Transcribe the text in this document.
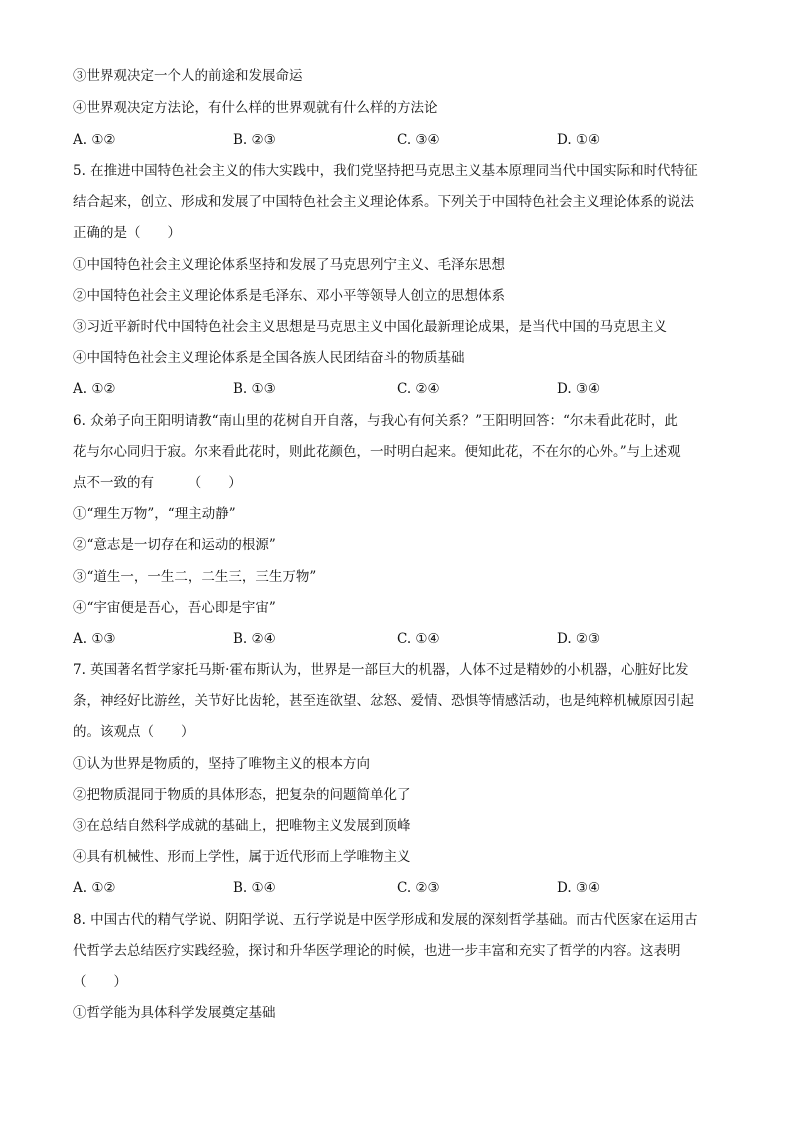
③世界观决定一个人的前途和发展命运
④世界观决定方法论，有什么样的世界观就有什么样的方法论
A. ①②	B. ②③	C. ③④	D. ①④
5. 在推进中国特色社会主义的伟大实践中，我们党坚持把马克思主义基本原理同当代中国实际和时代特征
结合起来，创立、形成和发展了中国特色社会主义理论体系。下列关于中国特色社会主义理论体系的说法
正确的是（　　）
①中国特色社会主义理论体系坚持和发展了马克思列宁主义、毛泽东思想
②中国特色社会主义理论体系是毛泽东、邓小平等领导人创立的思想体系
③习近平新时代中国特色社会主义思想是马克思主义中国化最新理论成果，是当代中国的马克思主义
④中国特色社会主义理论体系是全国各族人民团结奋斗的物质基础
A. ①②	B. ①③	C. ②④	D. ③④
6. 众弟子向王阳明请教“南山里的花树自开自落，与我心有何关系？”王阳明回答：“尔未看此花时，此
花与尔心同归于寂。尔来看此花时，则此花颜色，一时明白起来。便知此花，不在尔的心外。”与上述观
点不一致的有　　　（　　）
①“理生万物”，“理主动静”
②“意志是一切存在和运动的根源”
③“道生一，一生二，二生三，三生万物”
④“宇宙便是吾心，吾心即是宇宙”
A. ①③	B. ②④	C. ①④	D. ②③
7. 英国著名哲学家托马斯·霍布斯认为，世界是一部巨大的机器，人体不过是精妙的小机器，心脏好比发
条，神经好比游丝，关节好比齿轮，甚至连欲望、忿怒、爱情、恐惧等情感活动，也是纯粹机械原因引起
的。该观点（　　）
①认为世界是物质的，坚持了唯物主义的根本方向
②把物质混同于物质的具体形态，把复杂的问题简单化了
③在总结自然科学成就的基础上，把唯物主义发展到顶峰
④具有机械性、形而上学性，属于近代形而上学唯物主义
A. ①②	B. ①④	C. ②③	D. ③④
8. 中国古代的精气学说、阴阳学说、五行学说是中医学形成和发展的深刻哲学基础。而古代医家在运用古
代哲学去总结医疗实践经验，探讨和升华医学理论的时候，也进一步丰富和充实了哲学的内容。这表明
（　　）
①哲学能为具体科学发展奠定基础
